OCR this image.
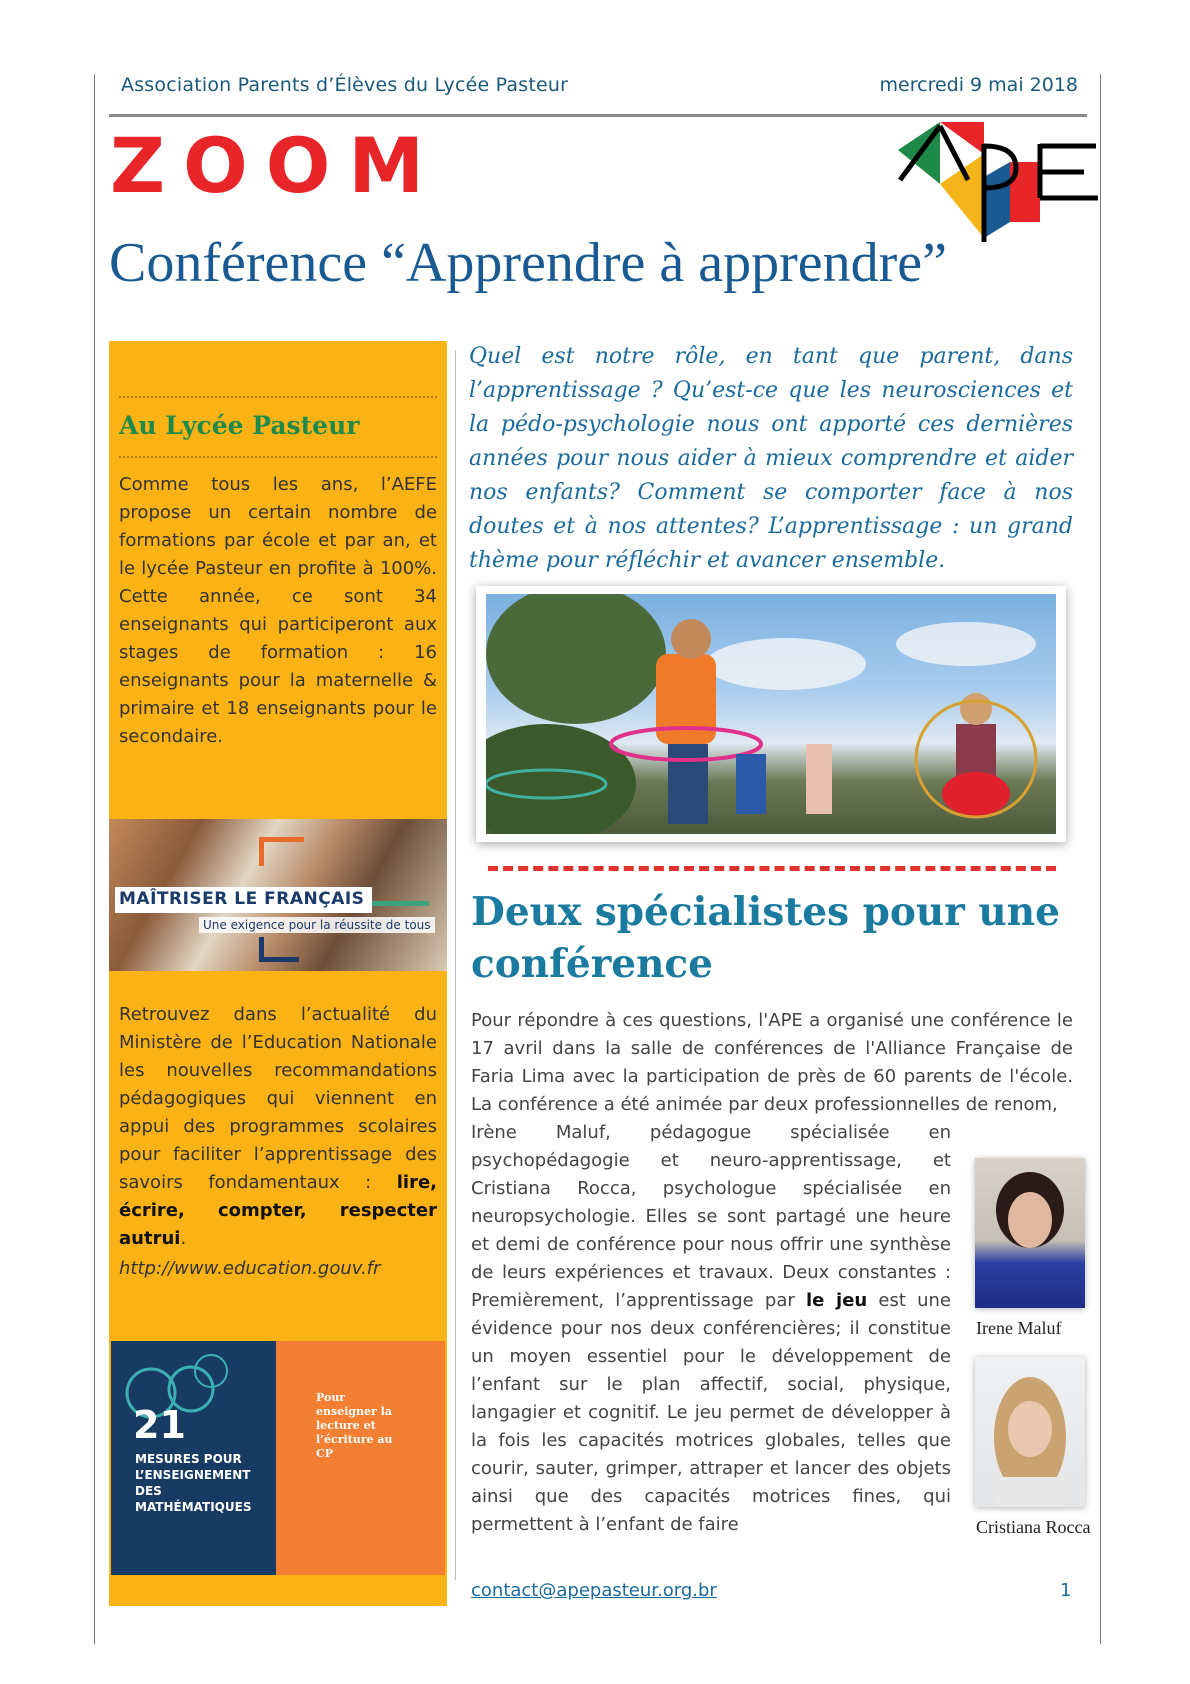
Association Parents d’Élèves du Lycée Pasteur	mercredi 9 mai 2018
ZOOM
Conférence “Apprendre à apprendre”
Au Lycée Pasteur
Comme tous les ans, l’AEFE propose un certain nombre de formations par école et par an, et le lycée Pasteur en profite à 100%. Cette année, ce sont 34 enseignants qui participeront aux stages de formation : 16 enseignants pour la maternelle & primaire et 18 enseignants pour le secondaire.
MAÎTRISER LE FRANÇAIS
Une exigence pour la réussite de tous
Retrouvez dans l’actualité du Ministère de l’Education Nationale les nouvelles recommandations pédagogiques qui viennent en appui des programmes scolaires pour faciliter l’apprentissage des savoirs fondamentaux : lire, écrire, compter, respecter autrui.
http://www.education.gouv.fr
21
MESURES POUR L’ENSEIGNEMENT DES MATHÉMATIQUES
Pour enseigner la lecture et l’écriture au CP
Quel est notre rôle, en tant que parent, dans l’apprentissage ? Qu’est-ce que les neurosciences et la pédo-psychologie nous ont apporté ces dernières années pour nous aider à mieux comprendre et aider nos enfants? Comment se comporter face à nos doutes et à nos attentes? L’apprentissage : un grand thème pour réfléchir et avancer ensemble.
Deux spécialistes pour une conférence
Pour répondre à ces questions, l'APE a organisé une conférence le 17 avril dans la salle de conférences de l'Alliance Française de Faria Lima avec la participation de près de 60 parents de l'école. La conférence a été animée par deux professionnelles de renom,
Irène Maluf, pédagogue spécialisée en psychopédagogie et neuro-apprentissage, et Cristiana Rocca, psychologue spécialisée en neuropsychologie. Elles se sont partagé une heure et demi de conférence pour nous offrir une synthèse de leurs expériences et travaux. Deux constantes : Premièrement, l’apprentissage par le jeu est une évidence pour nos deux conférencières; il constitue un moyen essentiel pour le développement de l’enfant sur le plan affectif, social, physique, langagier et cognitif. Le jeu permet de développer à la fois les capacités motrices globales, telles que courir, sauter, grimper, attraper et lancer des objets ainsi que des capacités motrices fines, qui permettent à l’enfant de faire
Irene Maluf
Cristiana Rocca
contact@apepasteur.org.br	1
